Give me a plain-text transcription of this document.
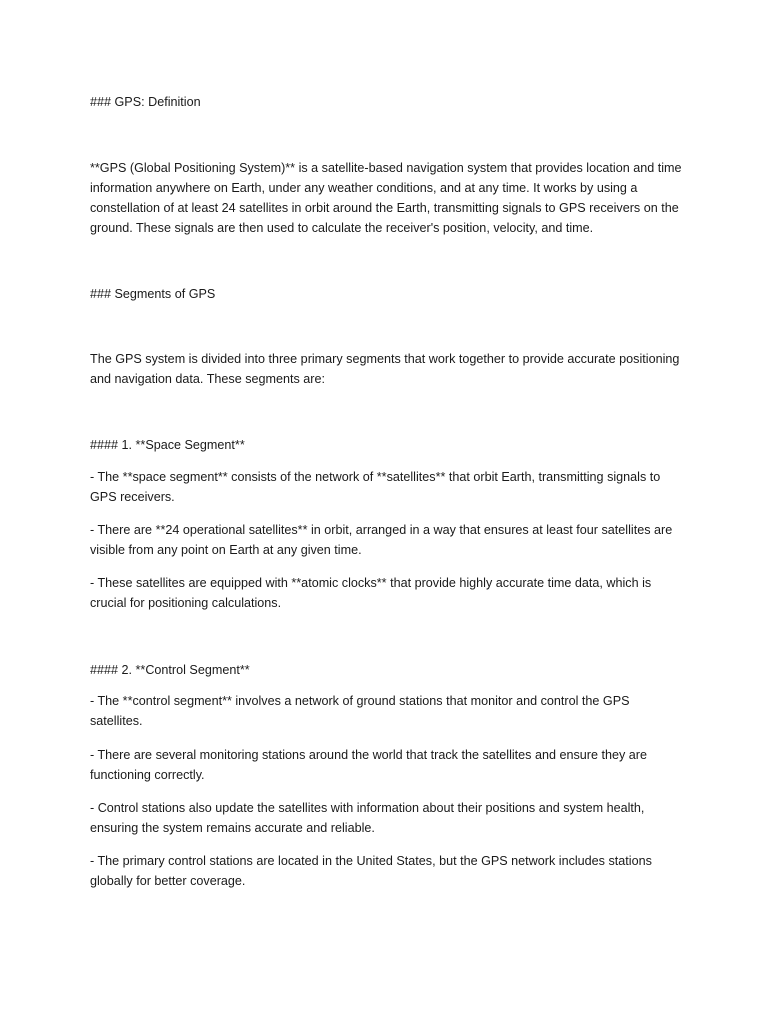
### GPS: Definition

**GPS (Global Positioning System)** is a satellite-based navigation system that provides location and time information anywhere on Earth, under any weather conditions, and at any time. It works by using a constellation of at least 24 satellites in orbit around the Earth, transmitting signals to GPS receivers on the ground. These signals are then used to calculate the receiver's position, velocity, and time.

### Segments of GPS

The GPS system is divided into three primary segments that work together to provide accurate positioning and navigation data. These segments are:

#### 1. **Space Segment**

- The **space segment** consists of the network of **satellites** that orbit Earth, transmitting signals to GPS receivers.

- There are **24 operational satellites** in orbit, arranged in a way that ensures at least four satellites are visible from any point on Earth at any given time.

- These satellites are equipped with **atomic clocks** that provide highly accurate time data, which is crucial for positioning calculations.

#### 2. **Control Segment**

- The **control segment** involves a network of ground stations that monitor and control the GPS satellites.

- There are several monitoring stations around the world that track the satellites and ensure they are functioning correctly.

- Control stations also update the satellites with information about their positions and system health, ensuring the system remains accurate and reliable.

- The primary control stations are located in the United States, but the GPS network includes stations globally for better coverage.
